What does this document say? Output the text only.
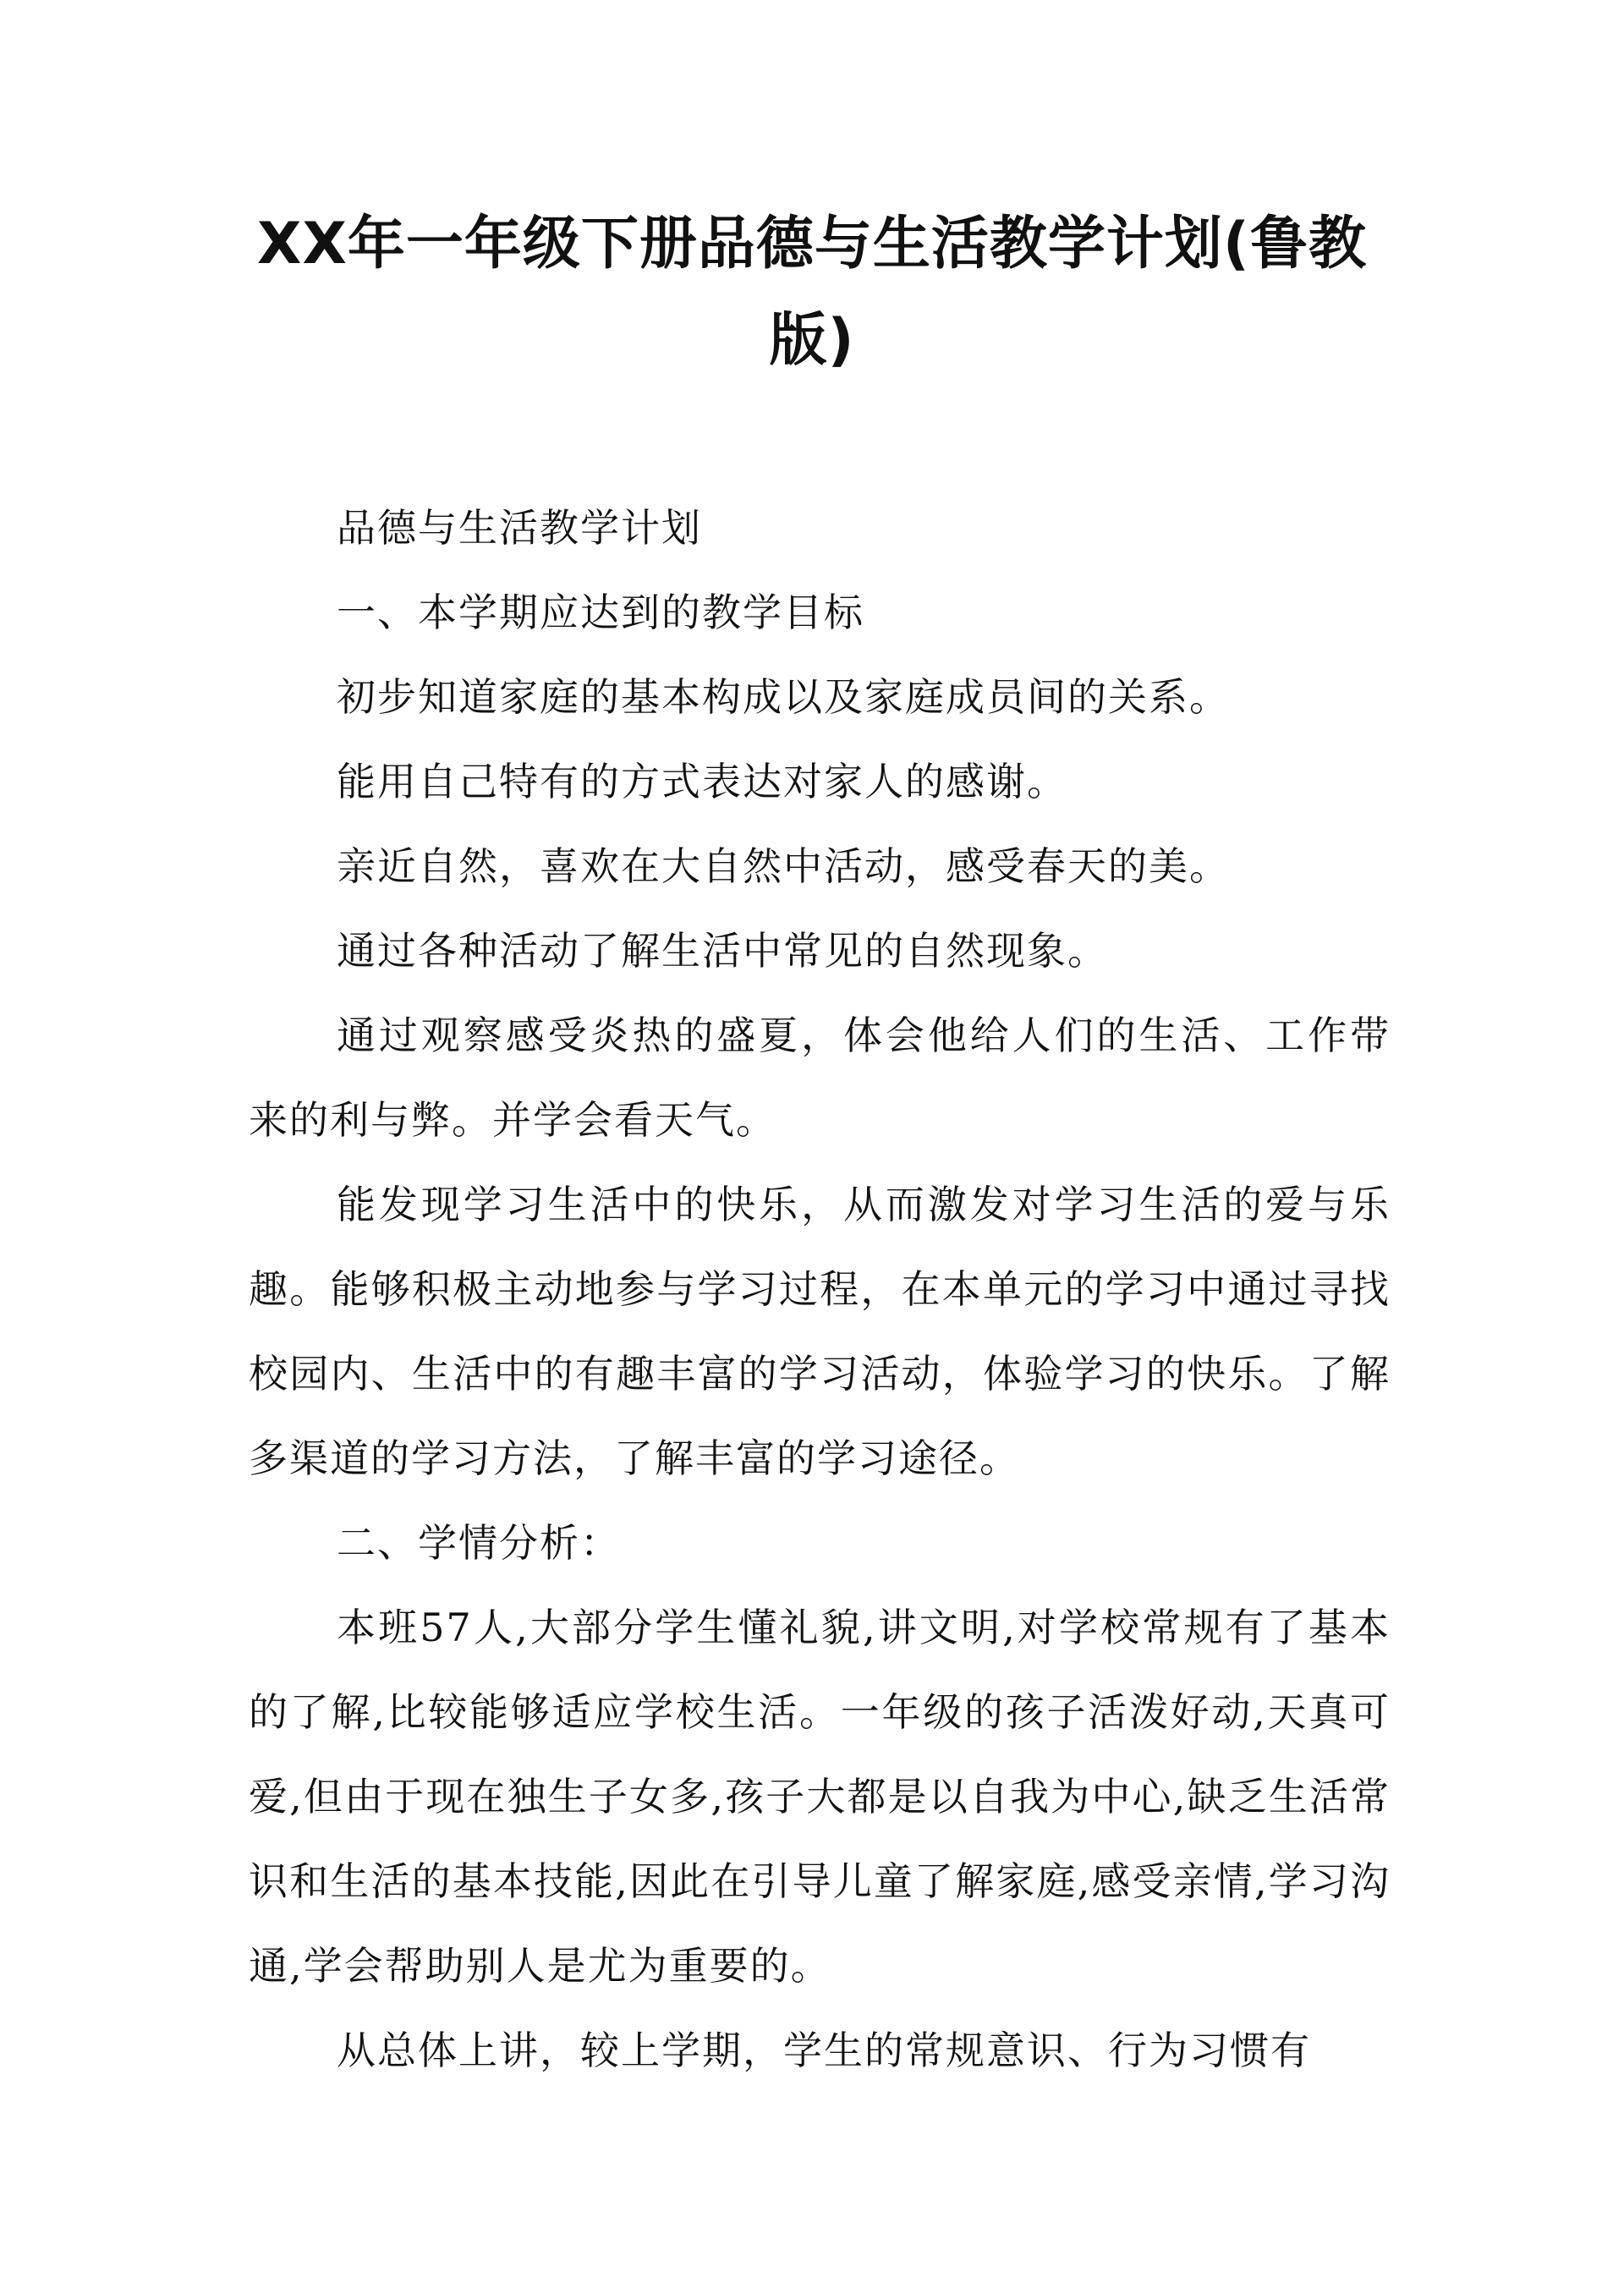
XX年一年级下册品德与生活教学计划(鲁教版)

品德与生活教学计划

一、本学期应达到的教学目标

初步知道家庭的基本构成以及家庭成员间的关系。

能用自己特有的方式表达对家人的感谢。

亲近自然，喜欢在大自然中活动，感受春天的美。

通过各种活动了解生活中常见的自然现象。

通过观察感受炎热的盛夏，体会他给人们的生活、工作带来的利与弊。并学会看天气。

能发现学习生活中的快乐，从而激发对学习生活的爱与乐趣。能够积极主动地参与学习过程，在本单元的学习中通过寻找校园内、生活中的有趣丰富的学习活动，体验学习的快乐。了解多渠道的学习方法，了解丰富的学习途径。

二、学情分析：

本班57人,大部分学生懂礼貌,讲文明,对学校常规有了基本的了解,比较能够适应学校生活。一年级的孩子活泼好动,天真可爱,但由于现在独生子女多,孩子大都是以自我为中心,缺乏生活常识和生活的基本技能,因此在引导儿童了解家庭,感受亲情,学习沟通,学会帮助别人是尤为重要的。

从总体上讲，较上学期，学生的常规意识、行为习惯有
